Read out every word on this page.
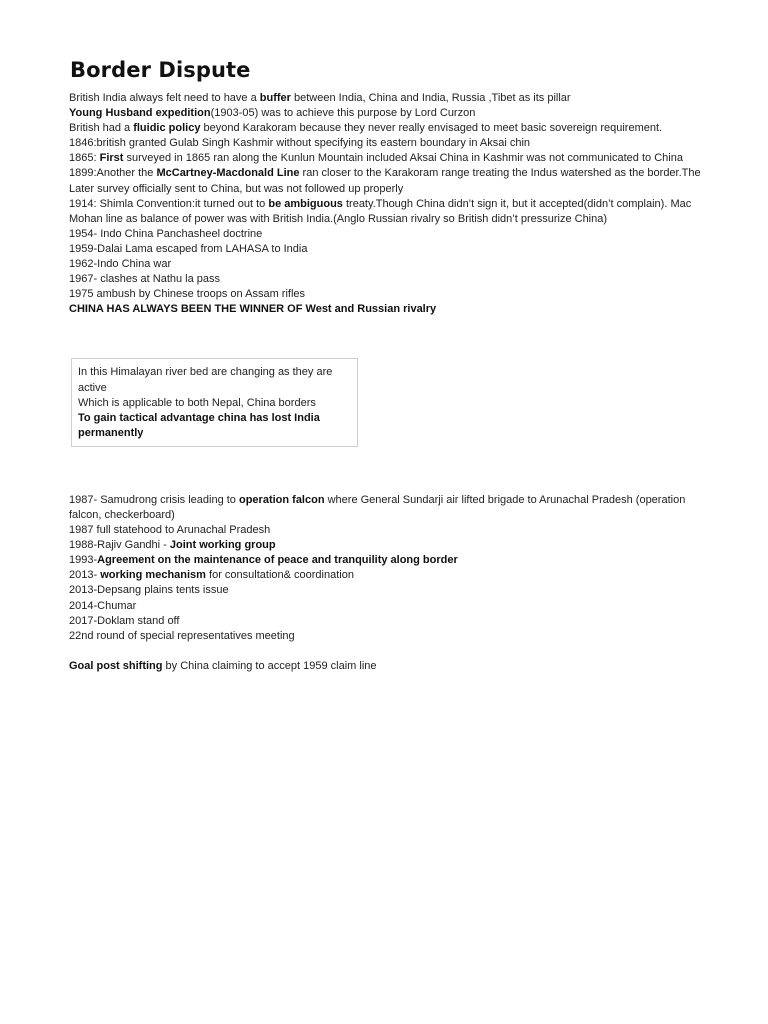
Border Dispute
British India always felt need to have a buffer between India, China and India, Russia ,Tibet as its pillar
Young Husband expedition(1903-05) was to achieve this purpose by Lord Curzon
British had a fluidic policy beyond Karakoram because they never really envisaged to meet basic sovereign requirement.
1846:british granted Gulab Singh Kashmir without specifying its eastern boundary in Aksai chin
1865: First surveyed in 1865 ran along the Kunlun Mountain included Aksai China in Kashmir was not communicated to China
1899:Another the McCartney-Macdonald Line ran closer to the Karakoram range treating the Indus watershed as the border.The Later survey officially sent to China, but was not followed up properly
1914: Shimla Convention:it turned out to be ambiguous treaty.Though China didn’t sign it, but it accepted(didn’t complain). Mac Mohan line as balance of power was with British India.(Anglo Russian rivalry so British didn’t pressurize China)
1954- Indo China Panchasheel doctrine
1959-Dalai Lama escaped from LAHASA to India
1962-Indo China war
1967- clashes at Nathu la pass
1975 ambush by Chinese troops on Assam rifles
CHINA HAS ALWAYS BEEN THE WINNER OF West and Russian rivalry
In this Himalayan river bed are changing as they are active
Which is applicable to both Nepal, China borders
To gain tactical advantage china has lost India permanently
1987- Samudrong crisis leading to operation falcon where General Sundarji air lifted brigade to Arunachal Pradesh (operation falcon, checkerboard)
1987 full statehood to Arunachal Pradesh
1988-Rajiv Gandhi - Joint working group
1993-Agreement on the maintenance of peace and tranquility along border
2013- working mechanism for consultation& coordination
2013-Depsang plains tents issue
2014-Chumar
2017-Doklam stand off
22nd round of special representatives meeting
Goal post shifting by China claiming to accept 1959 claim line
